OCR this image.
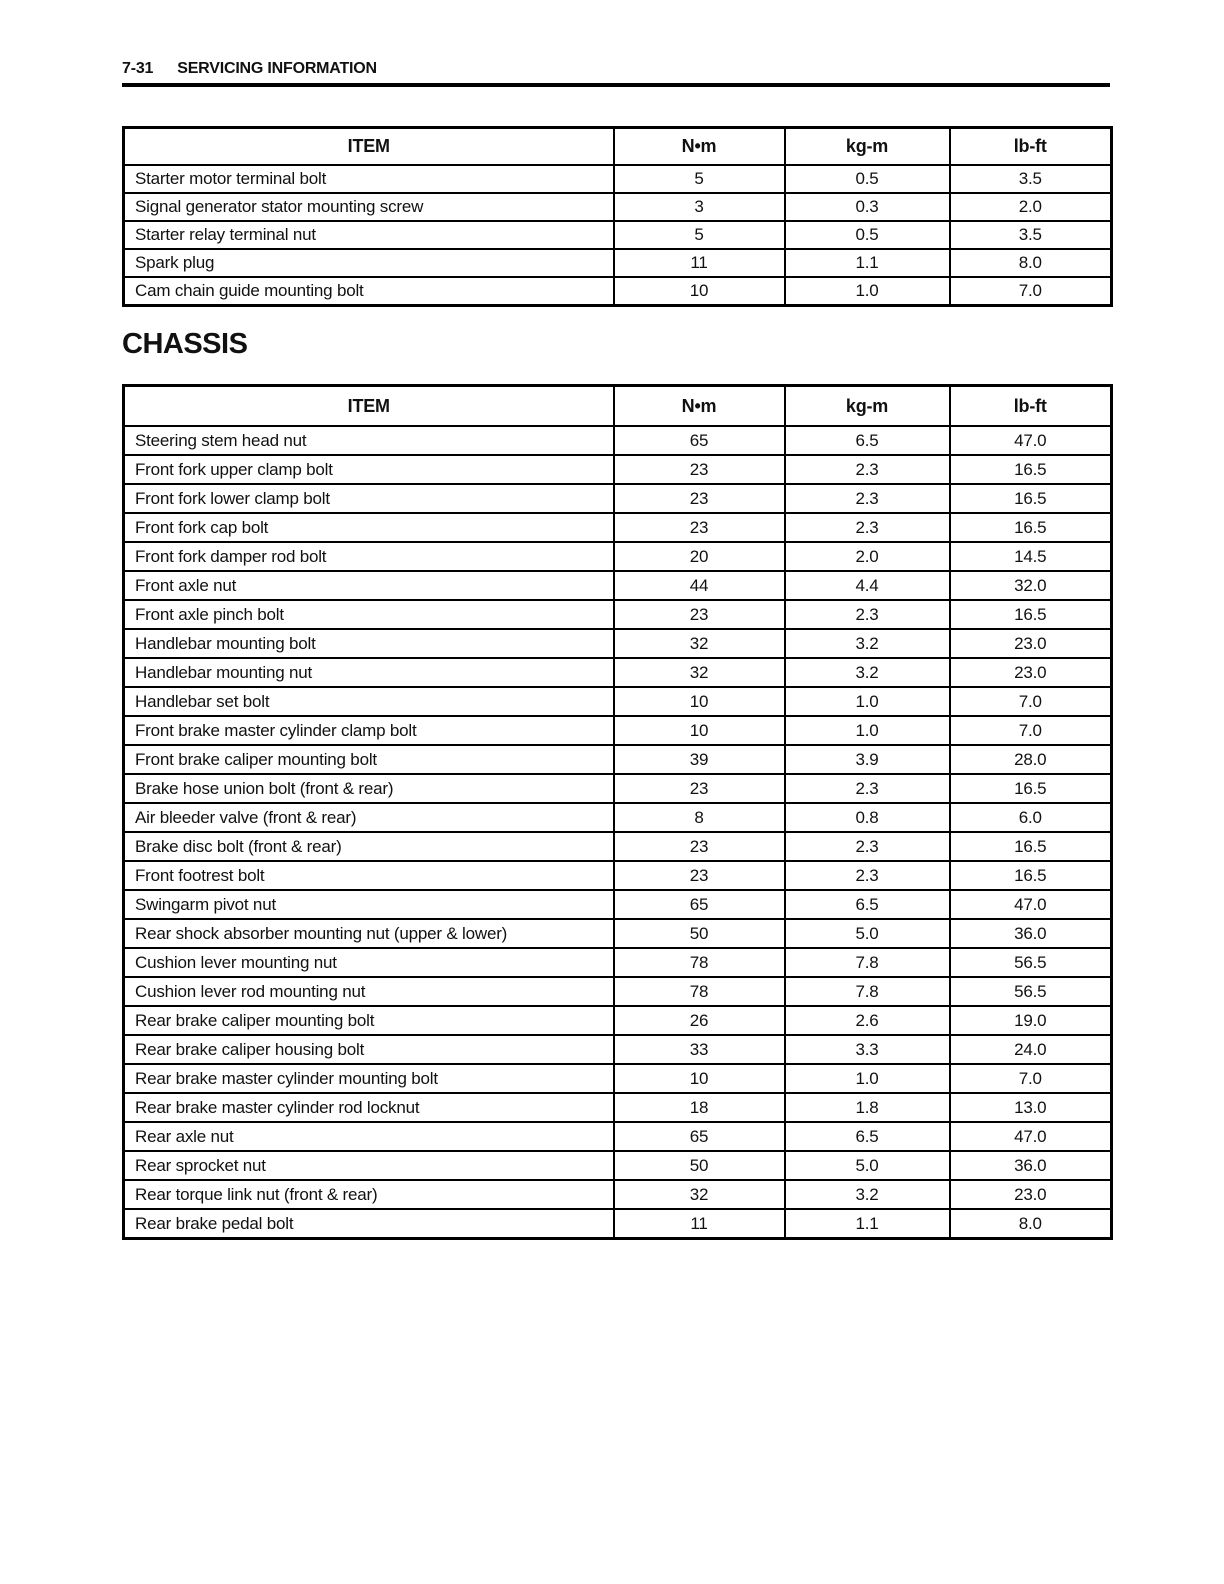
7-31 SERVICING INFORMATION
ITEM	N•m	kg-m	lb-ft
Starter motor terminal bolt	5	0.5	3.5
Signal generator stator mounting screw	3	0.3	2.0
Starter relay terminal nut	5	0.5	3.5
Spark plug	11	1.1	8.0
Cam chain guide mounting bolt	10	1.0	7.0
CHASSIS
ITEM	N•m	kg-m	lb-ft
Steering stem head nut	65	6.5	47.0
Front fork upper clamp bolt	23	2.3	16.5
Front fork lower clamp bolt	23	2.3	16.5
Front fork cap bolt	23	2.3	16.5
Front fork damper rod bolt	20	2.0	14.5
Front axle nut	44	4.4	32.0
Front axle pinch bolt	23	2.3	16.5
Handlebar mounting bolt	32	3.2	23.0
Handlebar mounting nut	32	3.2	23.0
Handlebar set bolt	10	1.0	7.0
Front brake master cylinder clamp bolt	10	1.0	7.0
Front brake caliper mounting bolt	39	3.9	28.0
Brake hose union bolt (front & rear)	23	2.3	16.5
Air bleeder valve (front & rear)	8	0.8	6.0
Brake disc bolt (front & rear)	23	2.3	16.5
Front footrest bolt	23	2.3	16.5
Swingarm pivot nut	65	6.5	47.0
Rear shock absorber mounting nut (upper & lower)	50	5.0	36.0
Cushion lever mounting nut	78	7.8	56.5
Cushion lever rod mounting nut	78	7.8	56.5
Rear brake caliper mounting bolt	26	2.6	19.0
Rear brake caliper housing bolt	33	3.3	24.0
Rear brake master cylinder mounting bolt	10	1.0	7.0
Rear brake master cylinder rod locknut	18	1.8	13.0
Rear axle nut	65	6.5	47.0
Rear sprocket nut	50	5.0	36.0
Rear torque link nut (front & rear)	32	3.2	23.0
Rear brake pedal bolt	11	1.1	8.0
